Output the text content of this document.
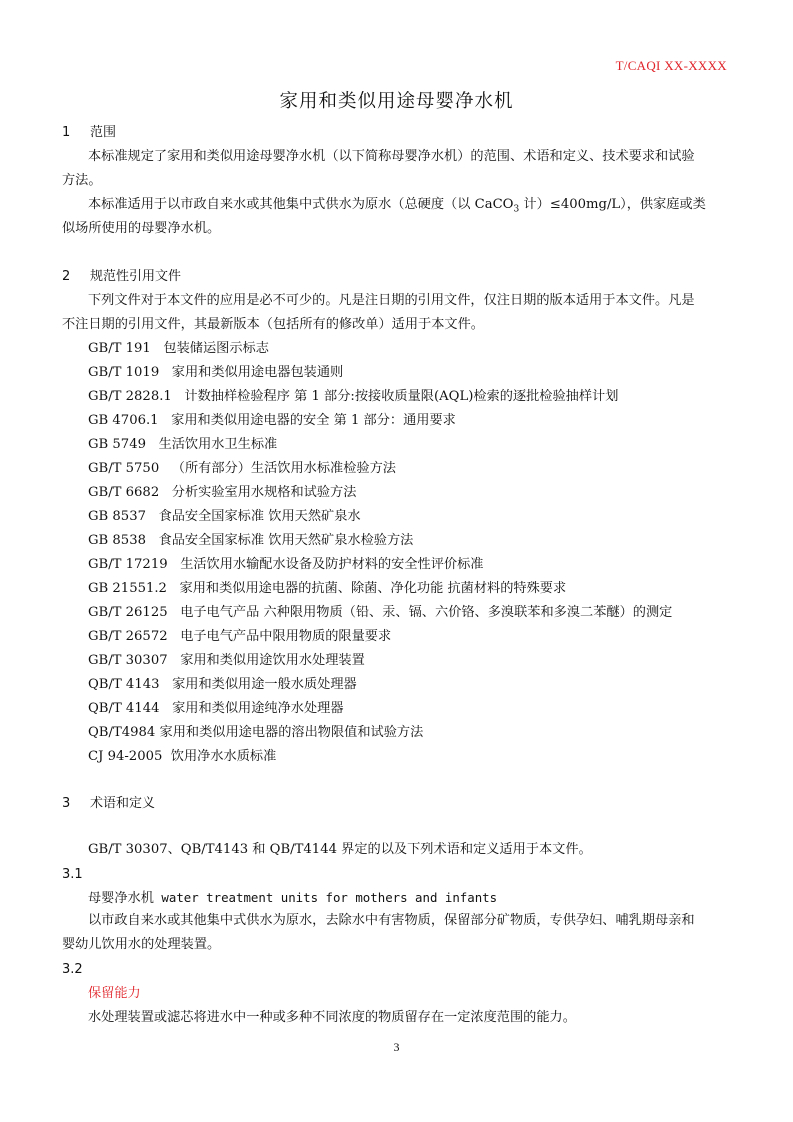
T/CAQI XX-XXXX
家用和类似用途母婴净水机
1 范围
本标准规定了家用和类似用途母婴净水机（以下简称母婴净水机）的范围、术语和定义、技术要求和试验
方法。
本标准适用于以市政自来水或其他集中式供水为原水（总硬度（以 CaCO$_3$ 计）≤400mg/L），供家庭或类
似场所使用的母婴净水机。
2 规范性引用文件
下列文件对于本文件的应用是必不可少的。凡是注日期的引用文件，仅注日期的版本适用于本文件。凡是
不注日期的引用文件，其最新版本（包括所有的修改单）适用于本文件。
GB/T 191 包装储运图示标志
GB/T 1019 家用和类似用途电器包装通则
GB/T 2828.1 计数抽样检验程序 第 1 部分:按接收质量限(AQL)检索的逐批检验抽样计划
GB 4706.1 家用和类似用途电器的安全 第 1 部分：通用要求
GB 5749 生活饮用水卫生标准
GB/T 5750 （所有部分）生活饮用水标准检验方法
GB/T 6682 分析实验室用水规格和试验方法
GB 8537 食品安全国家标准 饮用天然矿泉水
GB 8538 食品安全国家标准 饮用天然矿泉水检验方法
GB/T 17219 生活饮用水输配水设备及防护材料的安全性评价标准
GB 21551.2 家用和类似用途电器的抗菌、除菌、净化功能 抗菌材料的特殊要求
GB/T 26125 电子电气产品 六种限用物质（铅、汞、镉、六价铬、多溴联苯和多溴二苯醚）的测定
GB/T 26572 电子电气产品中限用物质的限量要求
GB/T 30307 家用和类似用途饮用水处理装置
QB/T 4143 家用和类似用途一般水质处理器
QB/T 4144 家用和类似用途纯净水处理器
QB/T4984 家用和类似用途电器的溶出物限值和试验方法
CJ 94-2005 饮用净水水质标准
3 术语和定义
GB/T 30307、QB/T4143 和 QB/T4144 界定的以及下列术语和定义适用于本文件。
3.1
母婴净水机 water treatment units for mothers and infants
以市政自来水或其他集中式供水为原水，去除水中有害物质，保留部分矿物质，专供孕妇、哺乳期母亲和
婴幼儿饮用水的处理装置。
3.2
保留能力
水处理装置或滤芯将进水中一种或多种不同浓度的物质留存在一定浓度范围的能力。
3
